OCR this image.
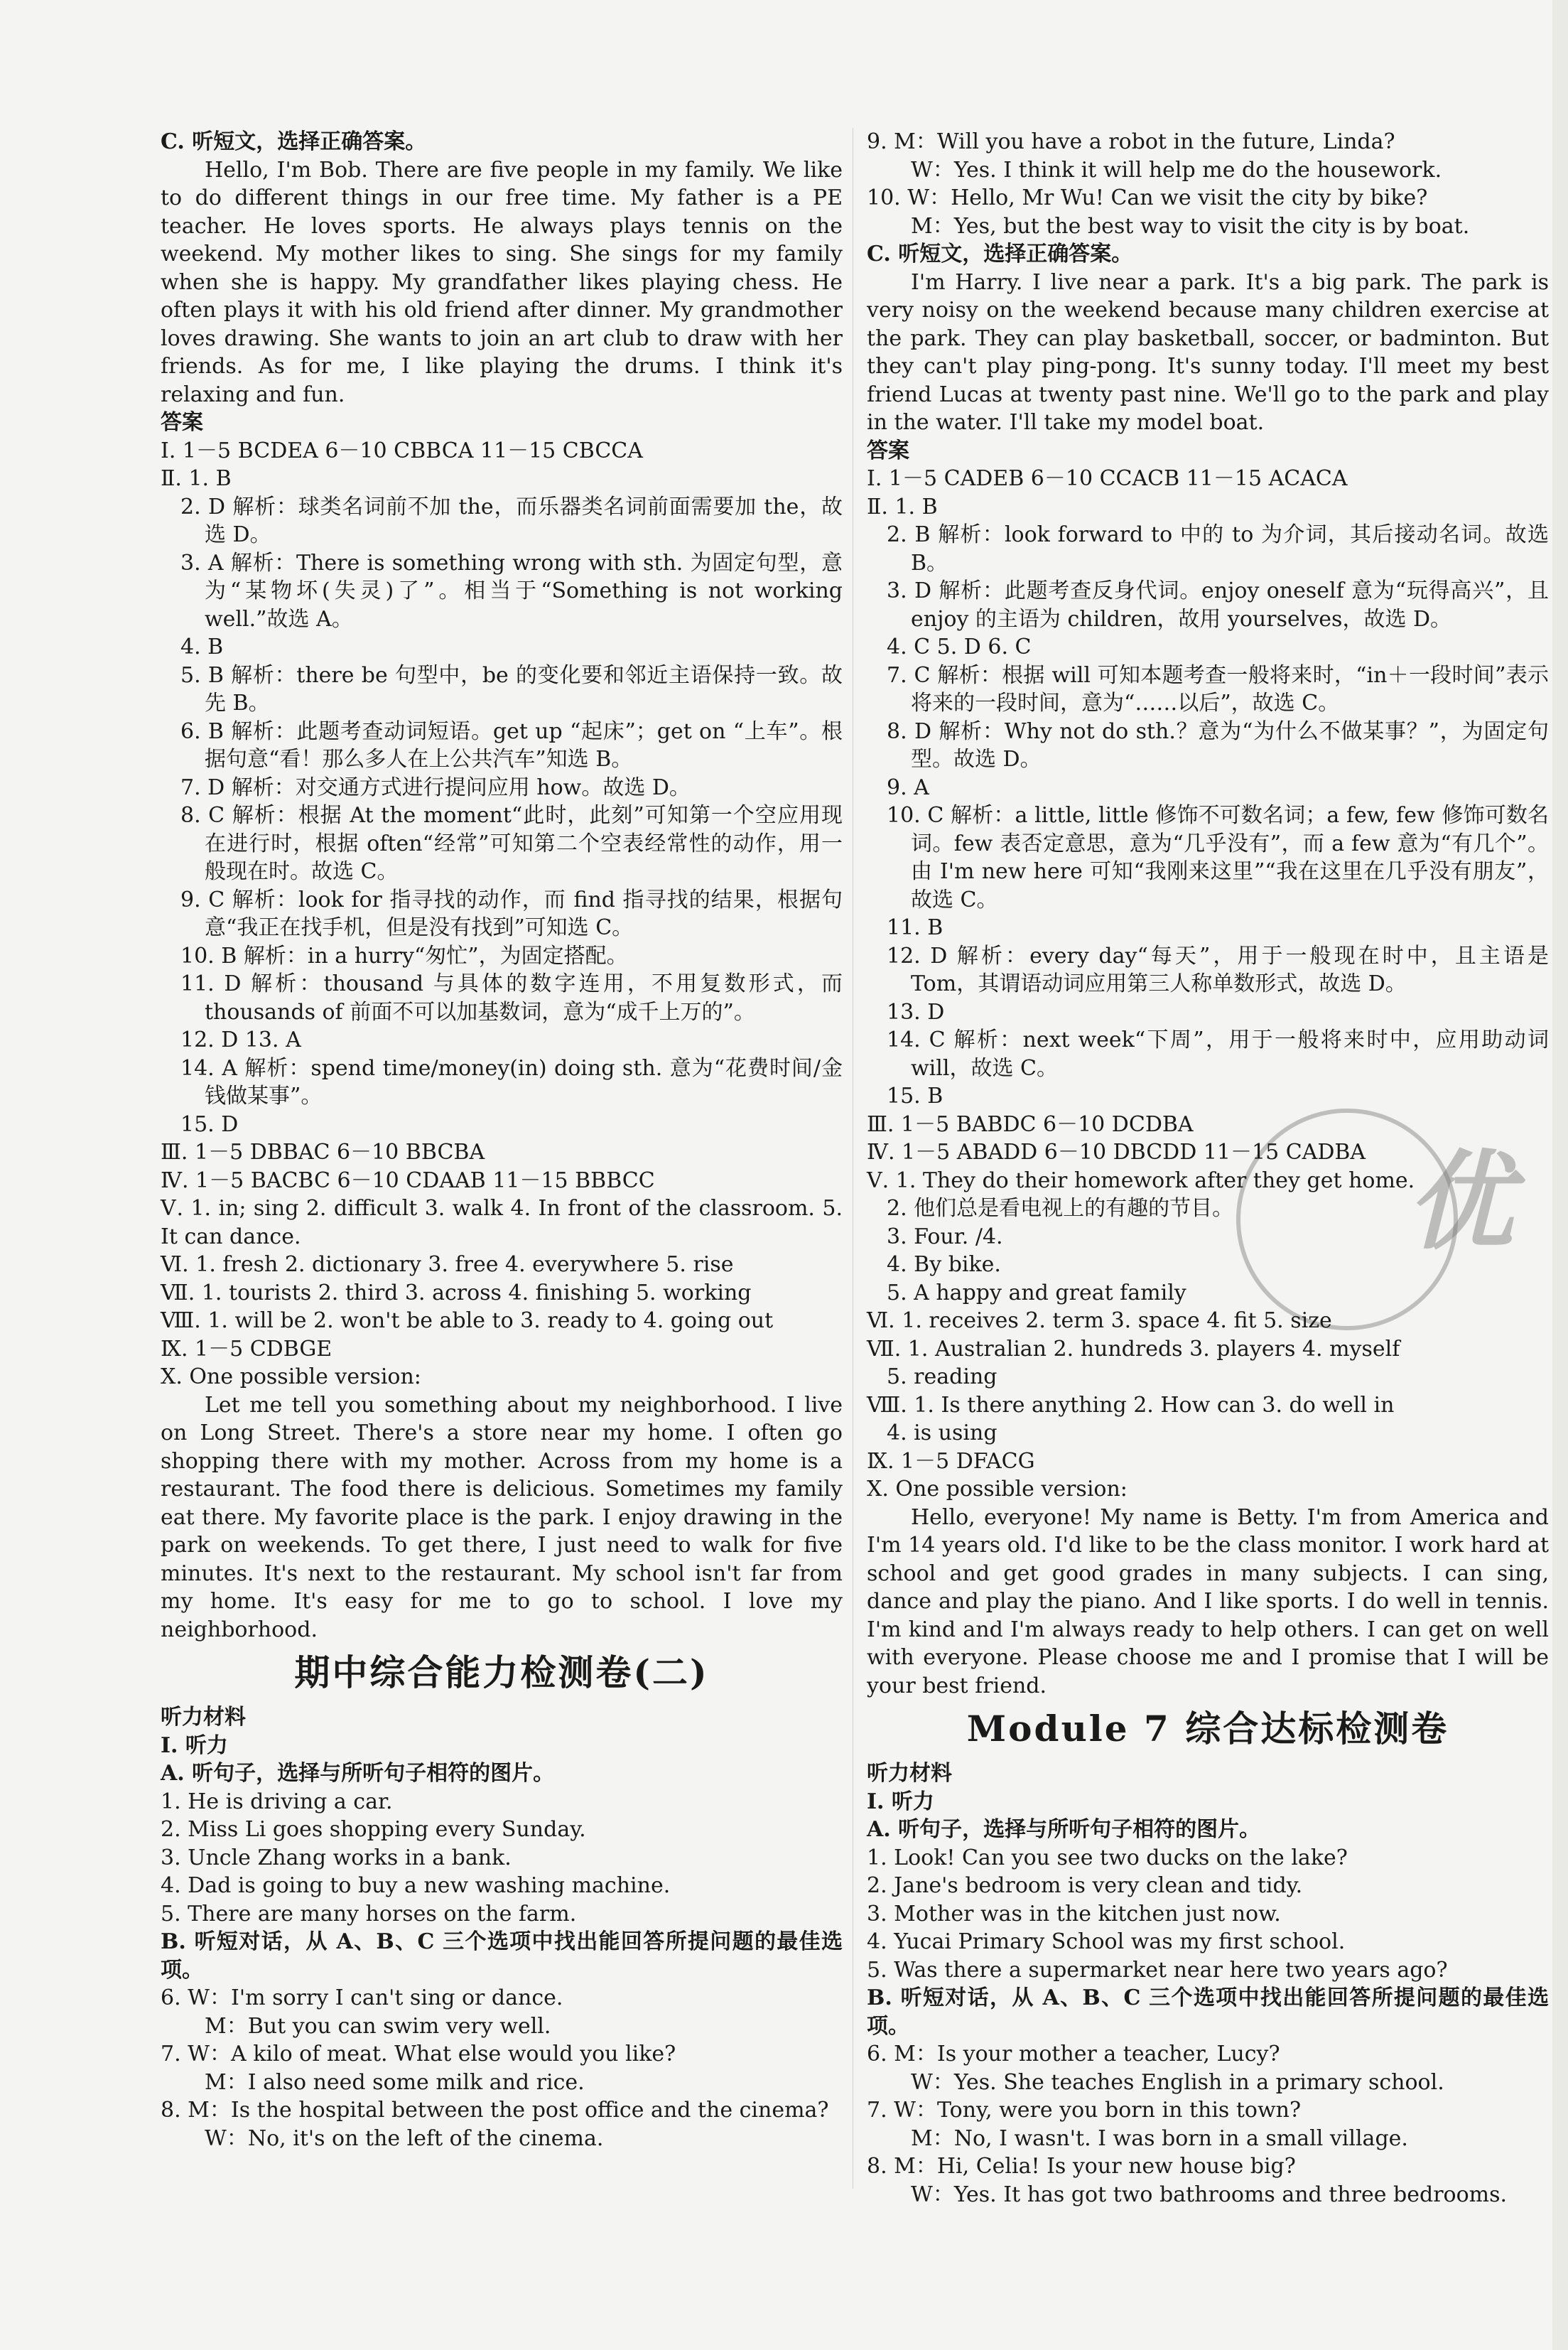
优

C. 听短文，选择正确答案。

Hello, I'm Bob. There are five people in my family. We like to do different things in our free time. My father is a PE teacher. He loves sports. He always plays tennis on the weekend. My mother likes to sing. She sings for my family when she is happy. My grandfather likes playing chess. He often plays it with his old friend after dinner. My grandmother loves drawing. She wants to join an art club to draw with her friends. As for me, I like playing the drums. I think it's relaxing and fun.

答案

Ⅰ. 1－5 BCDEA 6－10 CBBCA 11－15 CBCCA

Ⅱ. 1. B

2. D 解析：球类名词前不加 the，而乐器类名词前面需要加 the，故选 D。

3. A 解析：There is something wrong with sth. 为固定句型，意为“某物坏(失灵)了”。相当于“Something is not working well.”故选 A。

4. B

5. B 解析：there be 句型中，be 的变化要和邻近主语保持一致。故先 B。

6. B 解析：此题考查动词短语。get up “起床”；get on “上车”。根据句意“看！那么多人在上公共汽车”知选 B。

7. D 解析：对交通方式进行提问应用 how。故选 D。

8. C 解析：根据 At the moment“此时，此刻”可知第一个空应用现在进行时，根据 often“经常”可知第二个空表经常性的动作，用一般现在时。故选 C。

9. C 解析：look for 指寻找的动作，而 find 指寻找的结果，根据句意“我正在找手机，但是没有找到”可知选 C。

10. B 解析：in a hurry“匆忙”，为固定搭配。

11. D 解析：thousand 与具体的数字连用，不用复数形式，而 thousands of 前面不可以加基数词，意为“成千上万的”。

12. D 13. A

14. A 解析：spend time/money(in) doing sth. 意为“花费时间/金钱做某事”。

15. D

Ⅲ. 1－5 DBBAC 6－10 BBCBA

Ⅳ. 1－5 BACBC 6－10 CDAAB 11－15 BBBCC

Ⅴ. 1. in; sing 2. difficult 3. walk 4. In front of the classroom. 5. It can dance.

Ⅵ. 1. fresh 2. dictionary 3. free 4. everywhere 5. rise

Ⅶ. 1. tourists 2. third 3. across 4. finishing 5. working

Ⅷ. 1. will be 2. won't be able to 3. ready to 4. going out

Ⅸ. 1－5 CDBGE

Ⅹ. One possible version:

Let me tell you something about my neighborhood. I live on Long Street. There's a store near my home. I often go shopping there with my mother. Across from my home is a restaurant. The food there is delicious. Sometimes my family eat there. My favorite place is the park. I enjoy drawing in the park on weekends. To get there, I just need to walk for five minutes. It's next to the restaurant. My school isn't far from my home. It's easy for me to go to school. I love my neighborhood.

期中综合能力检测卷(二)

听力材料

Ⅰ. 听力

A. 听句子，选择与所听句子相符的图片。

1. He is driving a car.

2. Miss Li goes shopping every Sunday.

3. Uncle Zhang works in a bank.

4. Dad is going to buy a new washing machine.

5. There are many horses on the farm.

B. 听短对话，从 A、B、C 三个选项中找出能回答所提问题的最佳选项。

6. W：I'm sorry I can't sing or dance.

M：But you can swim very well.

7. W：A kilo of meat. What else would you like?

M：I also need some milk and rice.

8. M：Is the hospital between the post office and the cinema?

W：No, it's on the left of the cinema.

9. M：Will you have a robot in the future, Linda?

W：Yes. I think it will help me do the housework.

10. W：Hello, Mr Wu! Can we visit the city by bike?

M：Yes, but the best way to visit the city is by boat.

C. 听短文，选择正确答案。

I'm Harry. I live near a park. It's a big park. The park is very noisy on the weekend because many children exercise at the park. They can play basketball, soccer, or badminton. But they can't play ping-pong. It's sunny today. I'll meet my best friend Lucas at twenty past nine. We'll go to the park and play in the water. I'll take my model boat.

答案

Ⅰ. 1－5 CADEB 6－10 CCACB 11－15 ACACA

Ⅱ. 1. B

2. B 解析：look forward to 中的 to 为介词，其后接动名词。故选 B。

3. D 解析：此题考查反身代词。enjoy oneself 意为“玩得高兴”，且 enjoy 的主语为 children，故用 yourselves，故选 D。

4. C 5. D 6. C

7. C 解析：根据 will 可知本题考查一般将来时，“in＋一段时间”表示将来的一段时间，意为“……以后”，故选 C。

8. D 解析：Why not do sth.？意为“为什么不做某事？”，为固定句型。故选 D。

9. A

10. C 解析：a little, little 修饰不可数名词；a few, few 修饰可数名词。few 表否定意思，意为“几乎没有”，而 a few 意为“有几个”。由 I'm new here 可知“我刚来这里”“我在这里在几乎没有朋友”，故选 C。

11. B

12. D 解析：every day“每天”，用于一般现在时中，且主语是 Tom，其谓语动词应用第三人称单数形式，故选 D。

13. D

14. C 解析：next week“下周”，用于一般将来时中，应用助动词 will，故选 C。

15. B

Ⅲ. 1－5 BABDC 6－10 DCDBA

Ⅳ. 1－5 ABADD 6－10 DBCDD 11－15 CADBA

Ⅴ. 1. They do their homework after they get home.

2. 他们总是看电视上的有趣的节目。

3. Four. /4.

4. By bike.

5. A happy and great family

Ⅵ. 1. receives 2. term 3. space 4. fit 5. size

Ⅶ. 1. Australian 2. hundreds 3. players 4. myself

5. reading

Ⅷ. 1. Is there anything 2. How can 3. do well in

4. is using

Ⅸ. 1－5 DFACG

Ⅹ. One possible version:

Hello, everyone! My name is Betty. I'm from America and I'm 14 years old. I'd like to be the class monitor. I work hard at school and get good grades in many subjects. I can sing, dance and play the piano. And I like sports. I do well in tennis. I'm kind and I'm always ready to help others. I can get on well with everyone. Please choose me and I promise that I will be your best friend.

Module 7 综合达标检测卷

听力材料

Ⅰ. 听力

A. 听句子，选择与所听句子相符的图片。

1. Look! Can you see two ducks on the lake?

2. Jane's bedroom is very clean and tidy.

3. Mother was in the kitchen just now.

4. Yucai Primary School was my first school.

5. Was there a supermarket near here two years ago?

B. 听短对话，从 A、B、C 三个选项中找出能回答所提问题的最佳选项。

6. M：Is your mother a teacher, Lucy?

W：Yes. She teaches English in a primary school.

7. W：Tony, were you born in this town?

M：No, I wasn't. I was born in a small village.

8. M：Hi, Celia! Is your new house big?

W：Yes. It has got two bathrooms and three bedrooms.
